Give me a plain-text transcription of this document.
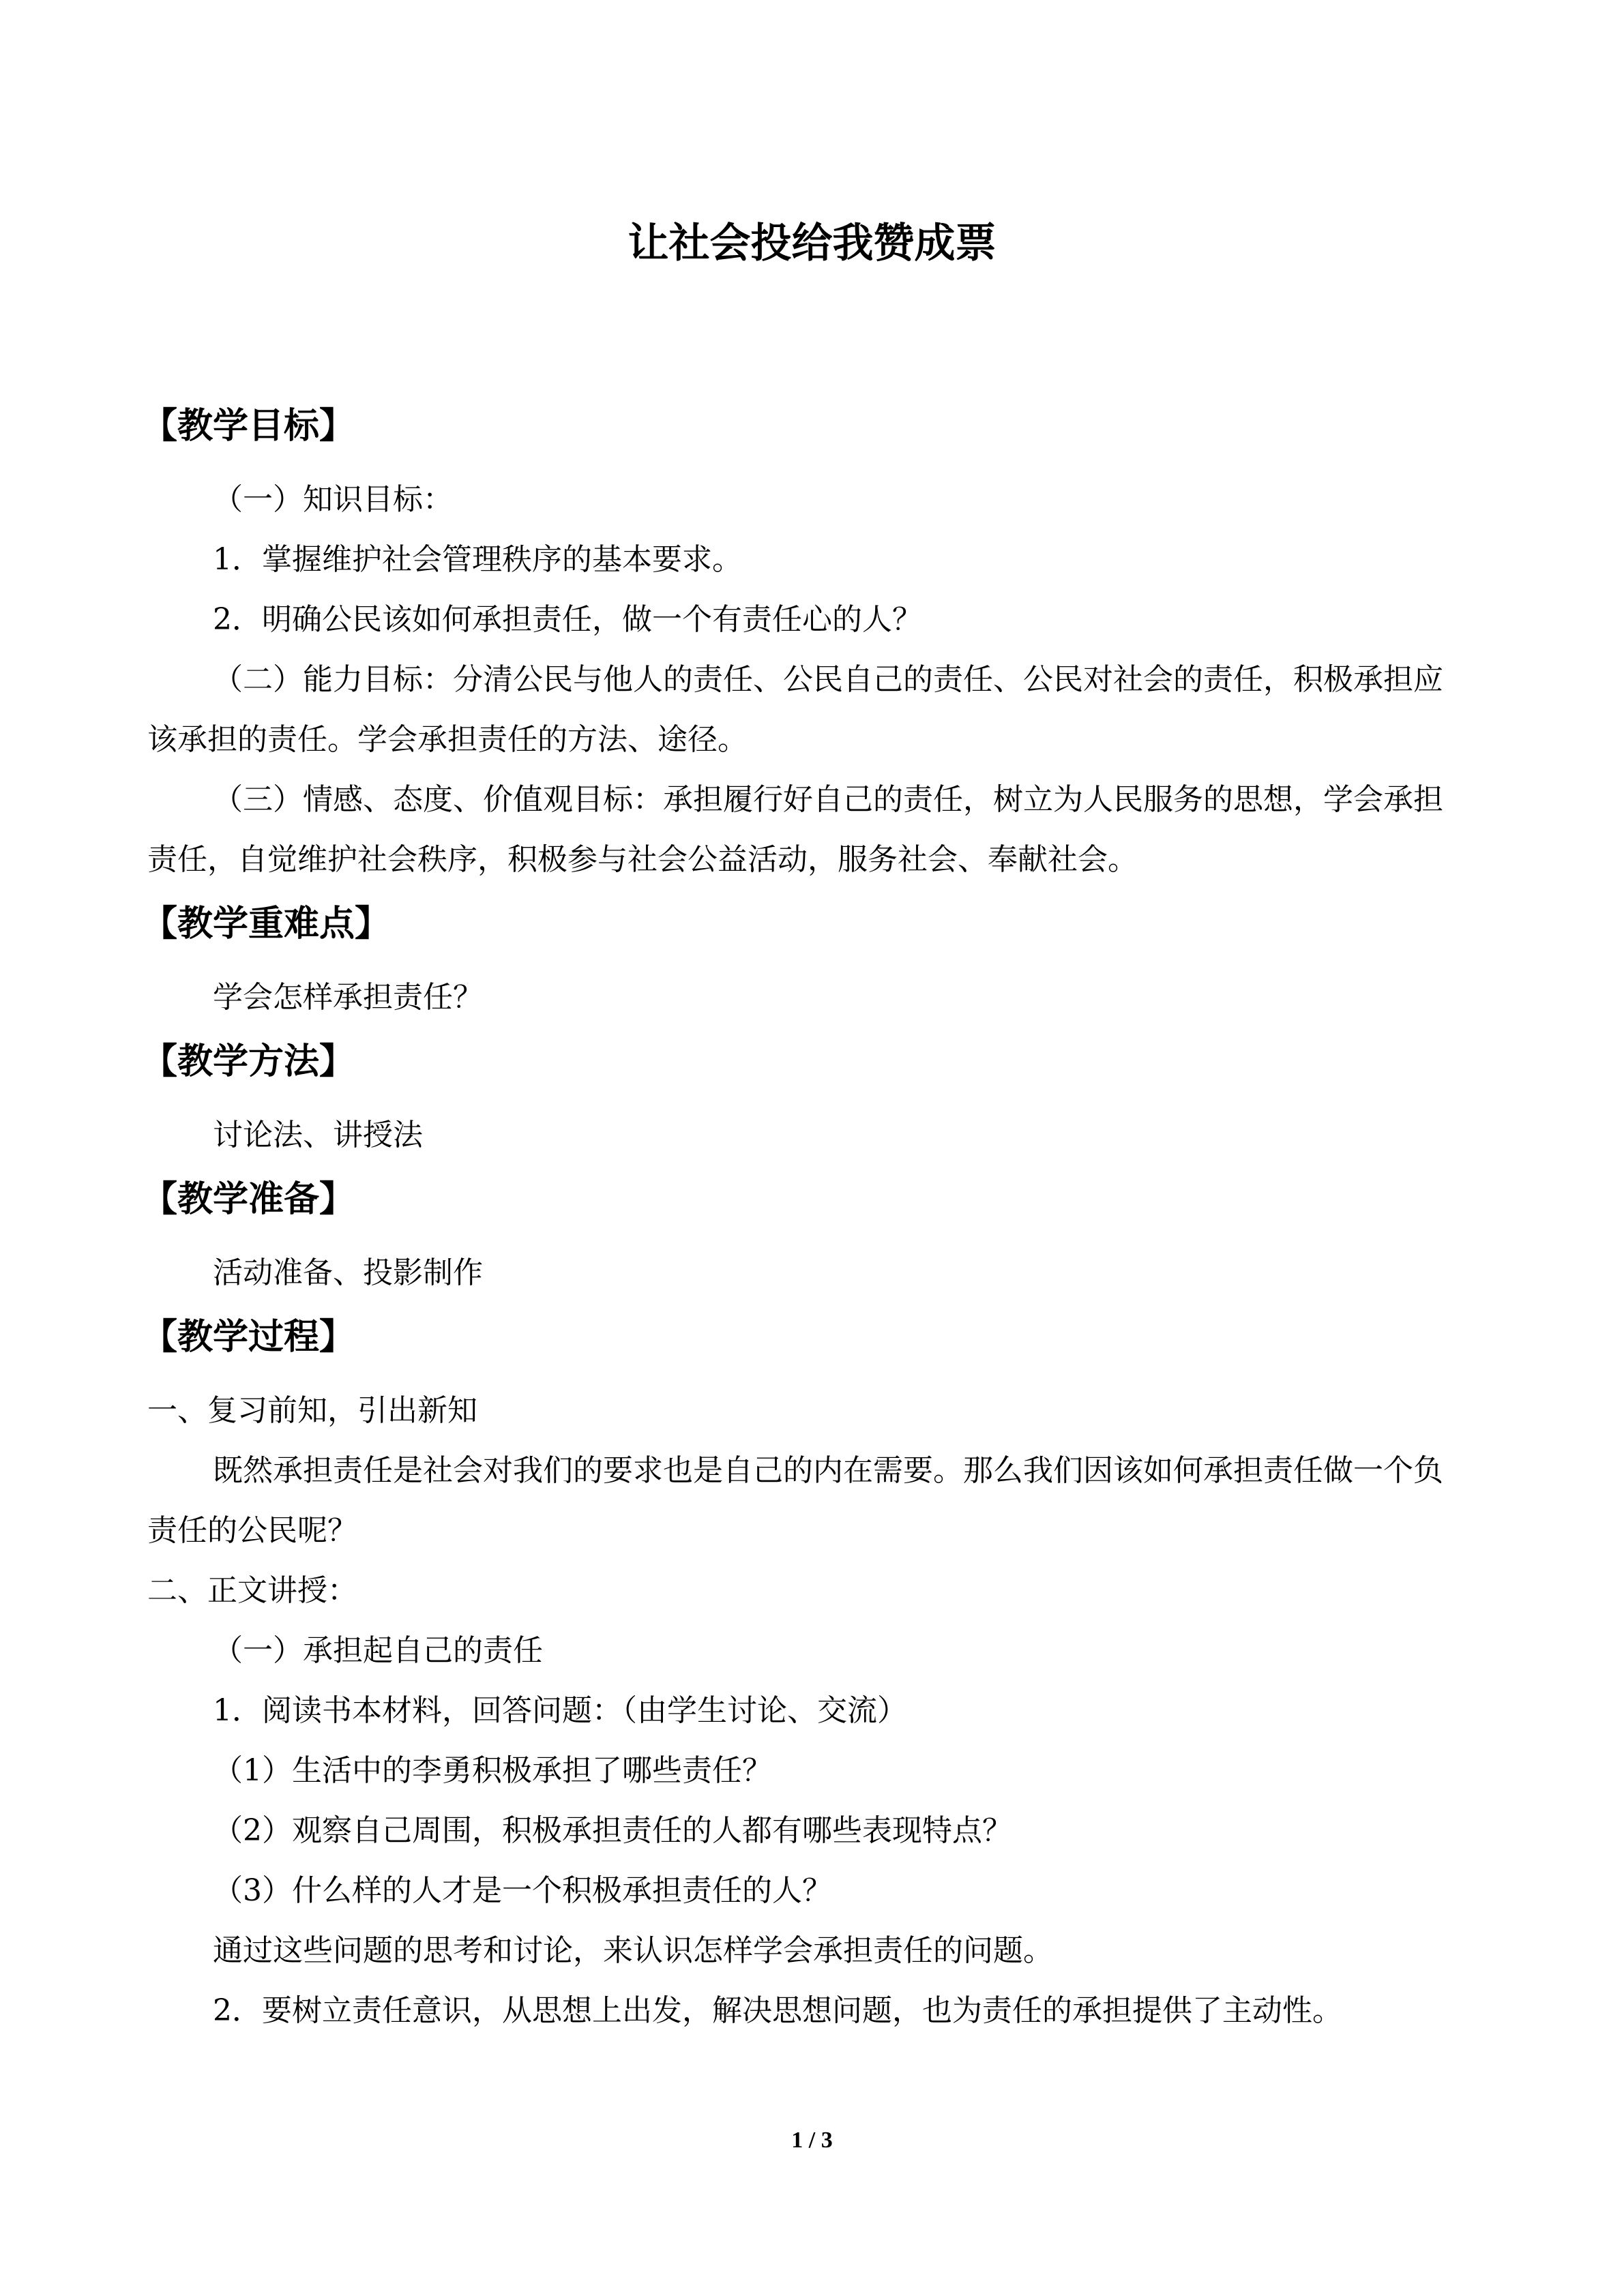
让社会投给我赞成票
【教学目标】
（一）知识目标：
1．掌握维护社会管理秩序的基本要求。
2．明确公民该如何承担责任，做一个有责任心的人？
（二）能力目标：分清公民与他人的责任、公民自己的责任、公民对社会的责任，积极承担应该承担的责任。学会承担责任的方法、途径。
（三）情感、态度、价值观目标：承担履行好自己的责任，树立为人民服务的思想，学会承担责任，自觉维护社会秩序，积极参与社会公益活动，服务社会、奉献社会。
【教学重难点】
学会怎样承担责任？
【教学方法】
讨论法、讲授法
【教学准备】
活动准备、投影制作
【教学过程】
一、复习前知，引出新知
既然承担责任是社会对我们的要求也是自己的内在需要。那么我们因该如何承担责任做一个负责任的公民呢？
二、正文讲授：
（一）承担起自己的责任
1．阅读书本材料，回答问题：（由学生讨论、交流）
（1）生活中的李勇积极承担了哪些责任？
（2）观察自己周围，积极承担责任的人都有哪些表现特点？
（3）什么样的人才是一个积极承担责任的人？
通过这些问题的思考和讨论，来认识怎样学会承担责任的问题。
2．要树立责任意识，从思想上出发，解决思想问题，也为责任的承担提供了主动性。
1 / 3
